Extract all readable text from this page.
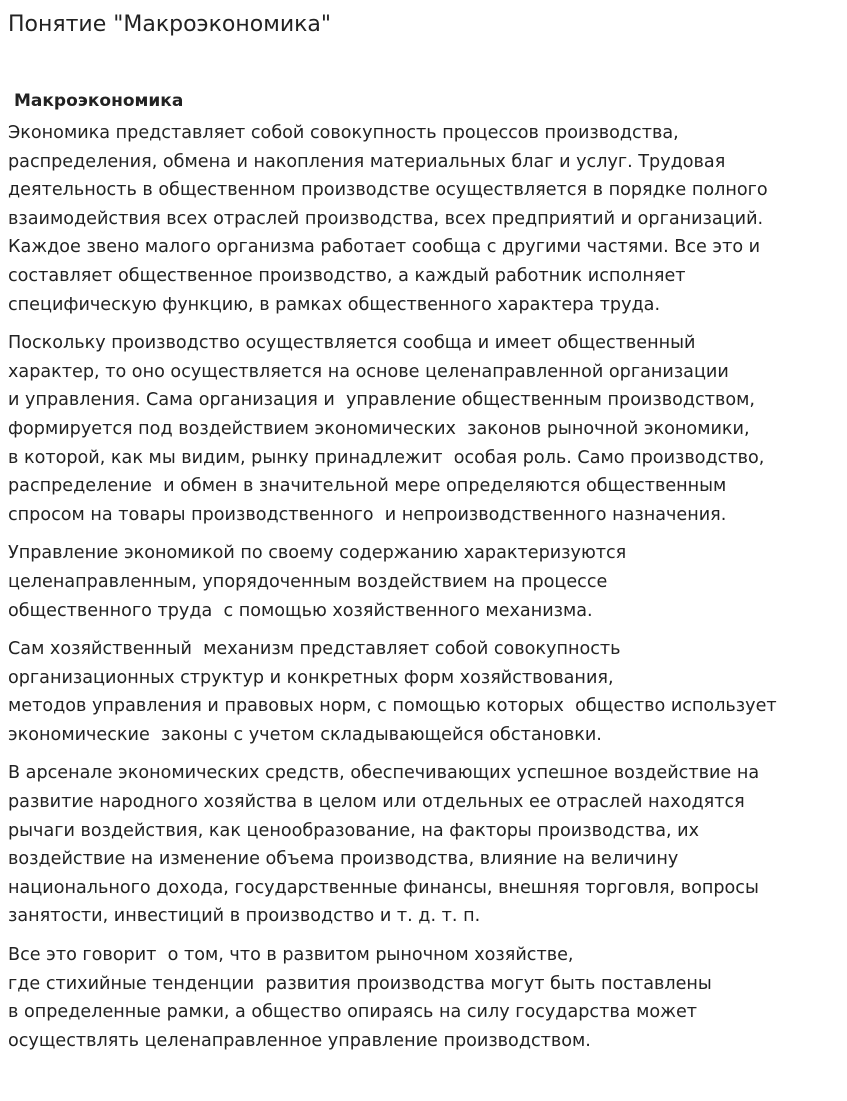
Понятие "Макроэкономика"
Макроэкономика

Экономика представляет собой совокупность процессов производства,
распределения, обмена и накопления материальных благ и услуг. Трудовая
деятельность в общественном производстве осуществляется в порядке полного
взаимодействия всех отраслей производства, всех предприятий и организаций.
Каждое звено малого организма работает сообща с другими частями. Все это и
составляет общественное производство, а каждый работник исполняет
специфическую функцию, в рамках общественного характера труда.

Поскольку производство осуществляется сообща и имеет общественный
характер, то оно осуществляется на основе целенаправленной организации
и управления. Сама организация и  управление общественным производством,
формируется под воздействием экономических  законов рыночной экономики,
в которой, как мы видим, рынку принадлежит  особая роль. Само производство,
распределение  и обмен в значительной мере определяются общественным
спросом на товары производственного  и непроизводственного назначения.

Управление экономикой по своему содержанию характеризуются
целенаправленным, упорядоченным воздействием на процессе
общественного труда  с помощью хозяйственного механизма.

Сам хозяйственный  механизм представляет собой совокупность
организационных структур и конкретных форм хозяйствования,
методов управления и правовых норм, с помощью которых  общество использует
экономические  законы с учетом складывающейся обстановки.

В арсенале экономических средств, обеспечивающих успешное воздействие на
развитие народного хозяйства в целом или отдельных ее отраслей находятся
рычаги воздействия, как ценообразование, на факторы производства, их
воздействие на изменение объема производства, влияние на величину
национального дохода, государственные финансы, внешняя торговля, вопросы
занятости, инвестиций в производство и т. д. т. п.

Все это говорит  о том, что в развитом рыночном хозяйстве,
где стихийные тенденции  развития производства могут быть поставлены
в определенные рамки, а общество опираясь на силу государства может
осуществлять целенаправленное управление производством.
